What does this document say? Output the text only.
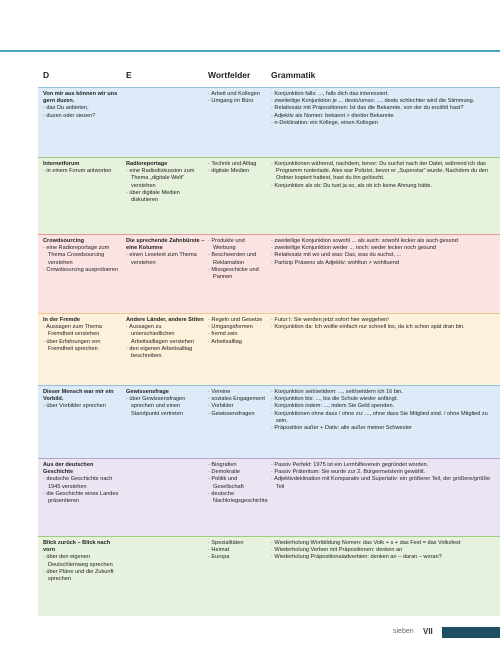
D	E	Wortfelder Grammatik
Von mir aus können wir uns gern duzen.
· das Du anbieten,
· duzen oder siezen?
· Arbeit und Kollegen
· Umgang im Büro
· Konjunktion falls: ..., falls dich das interessiert.
· zweiteilige Konjunktion je ... desto/umso: ..., desto schlechter wird die Stimmung.
· Relativsatz mit Präpositionen: Ist das die Bekannte, von der du erzählt hast?
· Adjektiv als Nomen: bekannt > die/der Bekannte
· n-Deklination: ein Kollege, einen Kollegen
Internetforum
· in einem Forum antworten
Radioreportage
· eine Radiodiskussion zum Thema „digitale Welt“ verstehen
· über digitale Medien diskutieren
· Technik und Alltag
· digitale Medien
· Konjunktionen während, nachdem, bevor: Du suchst nach der Datei, während ich das Programm runterlade. Alex war Polizist, bevor er „Superstar“ wurde. Nachdem du den Ordner kopiert hattest, hast du ihn gelöscht.
· Konjunktion als ob: Du tust ja so, als ob ich keine Ahnung hätte.
Crowdsourcing
· eine Radioreportage zum Thema Crowdsourcing verstehen
· Crowdsourcing ausprobieren
Die sprechende Zahnbürste – eine Kolumne
· einen Lesetext zum Thema verstehen
· Produkte und Werbung
· Beschwerden und Reklamation
· Missgeschicke und Pannen
· zweiteilige Konjunktion sowohl ... als auch: sowohl lecker als auch gesund
· zweiteilige Konjunktion weder ... noch: weder lecker noch gesund
· Relativsatz mit wo und was: Das, was du suchst, ...
· Partizip Präsens als Adjektiv: wohltun > wohltuend
In der Fremde
· Aussagen zum Thema Fremdheit verstehen
· über Erfahrungen von Fremdheit sprechen
Andere Länder, andere Sitten
· Aussagen zu unterschiedlichen Arbeitsalltagen verstehen
· den eigenen Arbeitsalltag beschreiben
· Regeln und Gesetze
· Umgangsformen
· fremd sein
· Arbeitsalltag
· Futur I: Sie werden jetzt sofort hier weggehen!
· Konjunktion da: Ich wollte einfach nur schnell los, da ich schon spät dran bin.
Dieser Mensch war mir ein Vorbild.
· über Vorbilder sprechen
Gewissensfrage
· über Gewissensfragen sprechen und einen Standpunkt vertreten
· Vereine
· soziales Engagement
· Vorbilder
· Gewissensfragen
· Konjunktion seit/seitdem: ..., seit/seitdem ich 16 bin.
· Konjunktion bis: ..., bis die Schule wieder anfängt.
· Konjunktion indem: ..., indem Sie Geld spenden.
· Konjunktionen ohne dass / ohne zu: ..., ohne dass Sie Mitglied sind. / ohne Mitglied zu sein.
· Präposition außer + Dativ: alle außer meiner Schwester
Aus der deutschen Geschichte
· deutsche Geschichte nach 1945 verstehen
· die Geschichte eines Landes präsentieren
· Biografien
· Demokratie
· Politik und Gesellschaft
· deutsche Nachkriegsgeschichte
· Passiv Perfekt: 1975 ist ein Lernhilfeverein gegründet worden.
· Passiv Präteritum: Sie wurde zur 2. Bürgermeisterin gewählt.
· Adjektivdeklination mit Komparativ und Superlativ: ein größerer Teil, der größere/größte Teil
Blick zurück – Blick nach vorn
· über den eigenen Deutschlernweg sprechen
· über Pläne und die Zukunft sprechen
· Spezialitäten
· Heimat
· Europa
· Wiederholung Wortbildung Nomen: das Volk + s + das Fest = das Volksfest
· Wiederholung Verben mit Präpositionen: denken an
· Wiederholung Präpositionaladverbien: denken an – daran – woran?
sieben VII
